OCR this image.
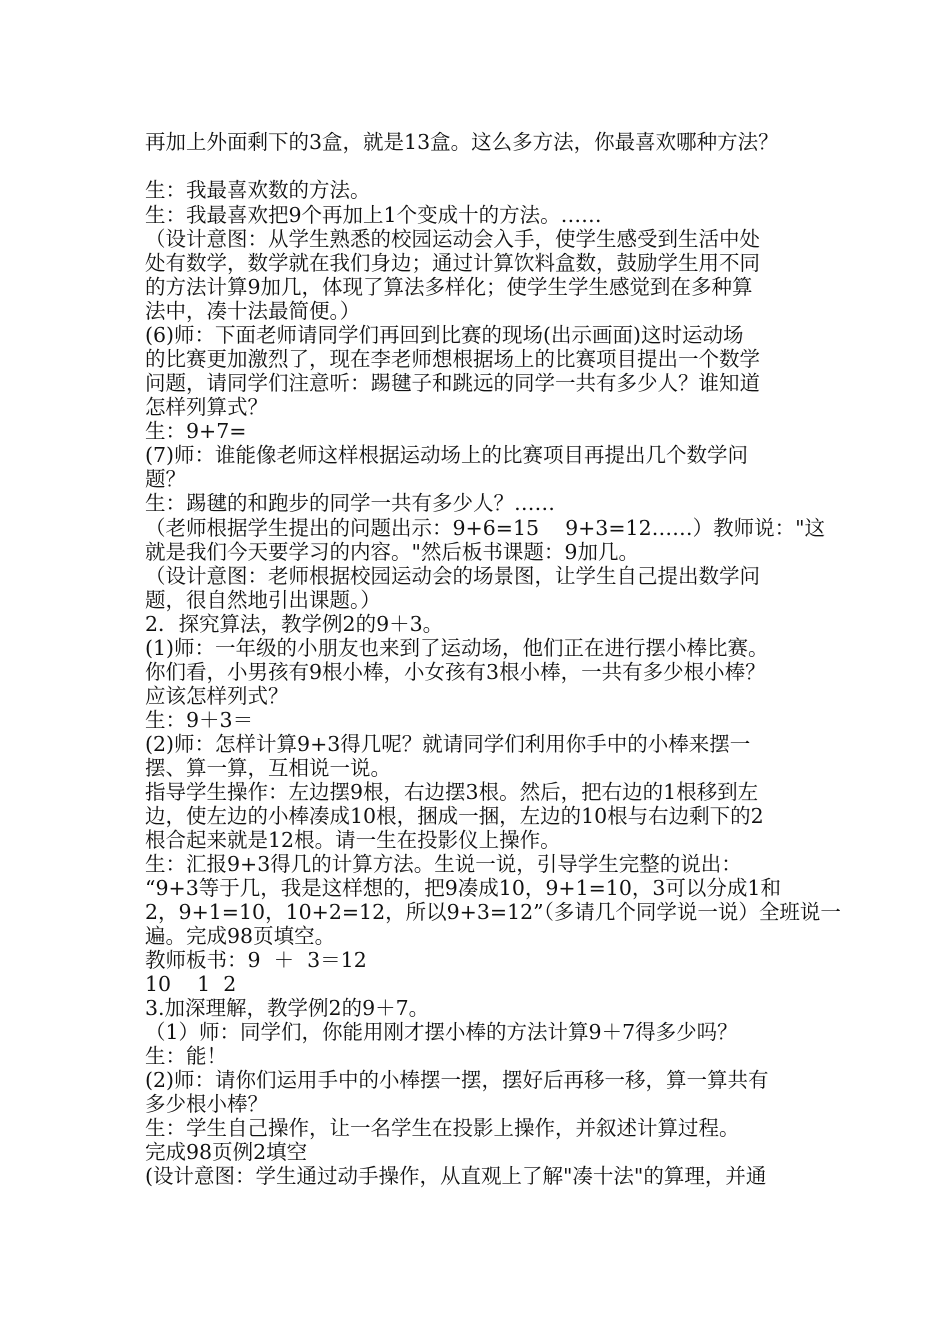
再加上外面剩下的3盒，就是13盒。这么多方法，你最喜欢哪种方法？
生：我最喜欢数的方法。
生：我最喜欢把9个再加上1个变成十的方法。……
（设计意图：从学生熟悉的校园运动会入手，使学生感受到生活中处
处有数学，数学就在我们身边；通过计算饮料盒数，鼓励学生用不同
的方法计算9加几，体现了算法多样化；使学生学生感觉到在多种算
法中，凑十法最简便。）
(6)师：下面老师请同学们再回到比赛的现场(出示画面)这时运动场
的比赛更加激烈了，现在李老师想根据场上的比赛项目提出一个数学
问题，请同学们注意听：踢毽子和跳远的同学一共有多少人？谁知道
怎样列算式？
生：9+7=
(7)师：谁能像老师这样根据运动场上的比赛项目再提出几个数学问
题？
生：踢毽的和跑步的同学一共有多少人？……
（老师根据学生提出的问题出示：9+6=15    9+3=12……）教师说："这
就是我们今天要学习的内容。"然后板书课题：9加几。
（设计意图：老师根据校园运动会的场景图，让学生自己提出数学问
题，很自然地引出课题。）
2．探究算法，教学例2的9＋3。
(1)师：一年级的小朋友也来到了运动场，他们正在进行摆小棒比赛。
你们看，小男孩有9根小棒，小女孩有3根小棒，一共有多少根小棒？
应该怎样列式？
生：9＋3＝
(2)师：怎样计算9+3得几呢？就请同学们利用你手中的小棒来摆一
摆、算一算，互相说一说。
指导学生操作：左边摆9根，右边摆3根。然后，把右边的1根移到左
边，使左边的小棒凑成10根，捆成一捆，左边的10根与右边剩下的2
根合起来就是12根。请一生在投影仪上操作。
生：汇报9+3得几的计算方法。生说一说，引导学生完整的说出：
“9+3等于几，我是这样想的，把9凑成10，9+1=10，3可以分成1和
2，9+1=10，10+2=12，所以9+3=12”（多请几个同学说一说）全班说一
遍。完成98页填空。
教师板书：9  ＋  3＝12
10    1  2
3.加深理解，教学例2的9＋7。
（1）师：同学们，你能用刚才摆小棒的方法计算9＋7得多少吗？
生：能！
(2)师：请你们运用手中的小棒摆一摆，摆好后再移一移，算一算共有
多少根小棒？
生：学生自己操作，让一名学生在投影上操作，并叙述计算过程。
完成98页例2填空
(设计意图：学生通过动手操作，从直观上了解"凑十法"的算理，并通
